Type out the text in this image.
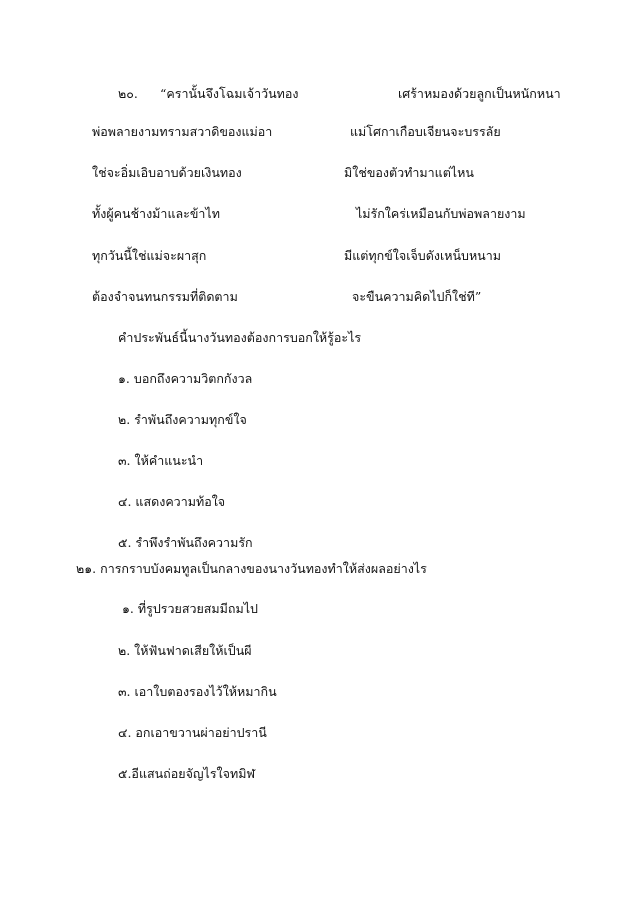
๒๐. “ครานั้นจึงโฉมเจ้าวันทอง	เศร้าหมองด้วยลูกเป็นหนักหนา
พ่อพลายงามทรามสวาดิของแม่อา	แม่โศกาเกือบเจียนจะบรรลัย
ใช่จะอิ่มเอิบอาบด้วยเงินทอง	มิใช่ของตัวทำมาแต่ไหน
ทั้งผู้คนช้างม้าและข้าไท	ไม่รักใคร่เหมือนกับพ่อพลายงาม
ทุกวันนี้ใช่แม่จะผาสุก	มีแต่ทุกข์ใจเจ็บดังเหน็บหนาม
ต้องจำจนทนกรรมที่ติดตาม	จะขืนความคิดไปก็ใช่ที”
คำประพันธ์นี้นางวันทองต้องการบอกให้รู้อะไร
๑. บอกถึงความวิตกกังวล
๒. รำพันถึงความทุกข์ใจ
๓. ให้คำแนะนำ
๔. แสดงความท้อใจ
๕. รำพึงรำพันถึงความรัก
๒๑. การกราบบังคมทูลเป็นกลางของนางวันทองทำให้ส่งผลอย่างไร
๑. ที่รูปรวยสวยสมมีถมไป
๒. ให้ฟันฟาดเสียให้เป็นผี
๓. เอาใบตองรองไว้ให้หมากิน
๔. อกเอาขวานผ่าอย่าปรานี
๕.อีแสนถ่อยจัญไรใจทมิฬ
